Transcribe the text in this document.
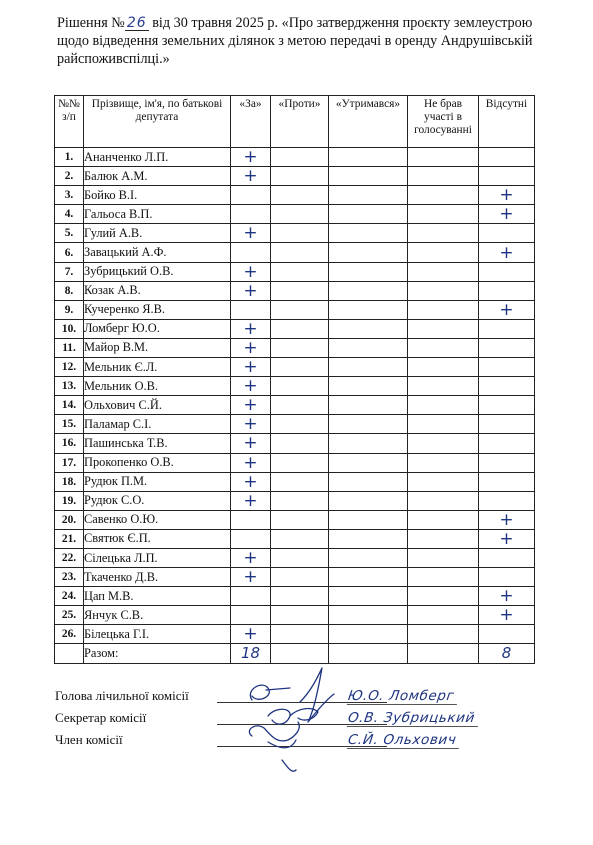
Рішення № 26 від 30 травня 2025 р. «Про затвердження проєкту землеустрою щодо відведення земельних ділянок з метою передачі в оренду Андрушівській райспоживспілці.»
№№ з/п	Прізвище, ім'я, по батькові депутата	«За»	«Проти»	«Утримався»	Не брав участі в голосуванні	Відсутні
1.	Ананченко Л.П.	+				
2.	Балюк А.М.	+				
3.	Бойко В.І.					+
4.	Гальоса В.П.					+
5.	Гулий А.В.	+				
6.	Завацький А.Ф.					+
7.	Зубрицький О.В.	+				
8.	Козак А.В.	+				
9.	Кучеренко Я.В.					+
10.	Ломберг Ю.О.	+				
11.	Майор В.М.	+				
12.	Мельник Є.Л.	+				
13.	Мельник О.В.	+				
14.	Ольхович С.Й.	+				
15.	Паламар С.І.	+				
16.	Пашинська Т.В.	+				
17.	Прокопенко О.В.	+				
18.	Рудюк П.М.	+				
19.	Рудюк С.О.	+				
20.	Савенко О.Ю.					+
21.	Святюк Є.П.					+
22.	Сілецька Л.П.	+				
23.	Ткаченко Д.В.	+				
24.	Цап М.В.					+
25.	Янчук С.В.					+
26.	Білецька Г.І.	+				
	Разом:	18				8
Голова лічильної комісії	Ю.О. Ломберг
Секретар комісії	О.В. Зубрицький
Член комісії	С.Й. Ольхович
